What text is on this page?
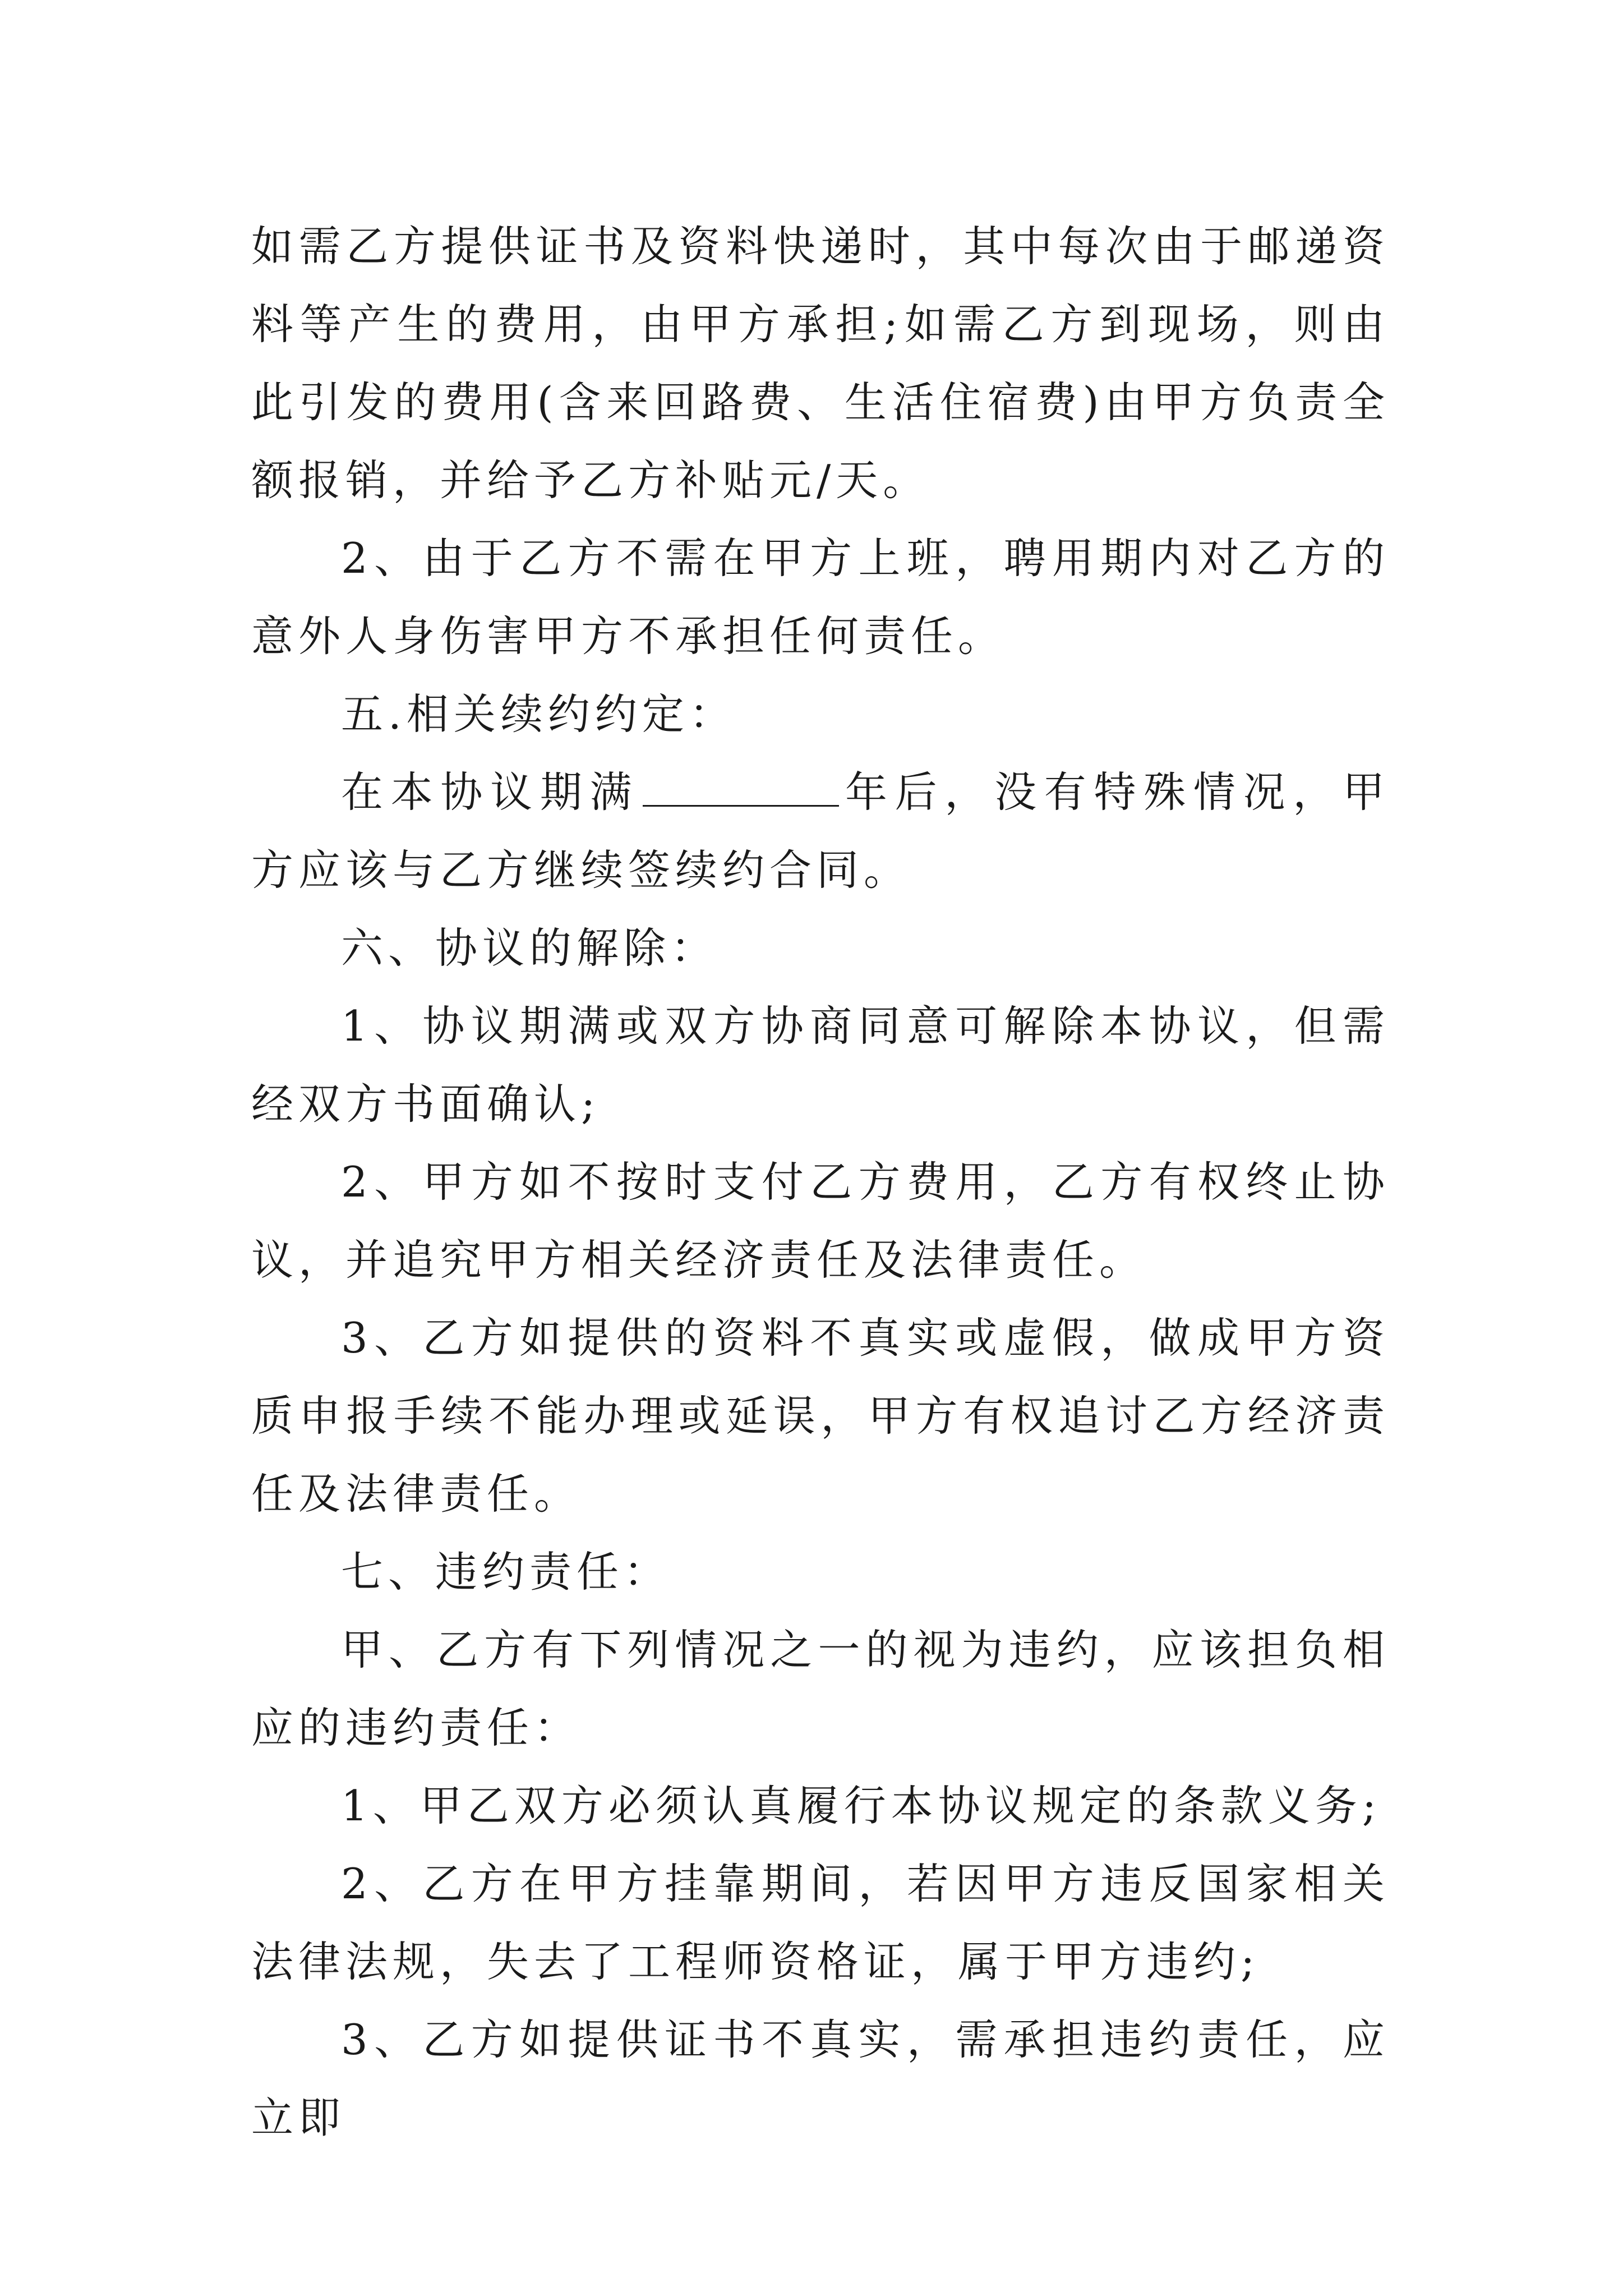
如需乙方提供证书及资料快递时，其中每次由于邮递资料等产生的费用，由甲方承担;如需乙方到现场，则由此引发的费用(含来回路费、生活住宿费)由甲方负责全额报销，并给予乙方补贴元/天。

2、由于乙方不需在甲方上班，聘用期内对乙方的意外人身伤害甲方不承担任何责任。

五.相关续约约定：

在本协议期满	年后，没有特殊情况，甲方应该与乙方继续签续约合同。

六、协议的解除：

1、协议期满或双方协商同意可解除本协议，但需经双方书面确认;

2、甲方如不按时支付乙方费用，乙方有权终止协议，并追究甲方相关经济责任及法律责任。

3、乙方如提供的资料不真实或虚假，做成甲方资质申报手续不能办理或延误，甲方有权追讨乙方经济责任及法律责任。

七、违约责任：

甲、乙方有下列情况之一的视为违约，应该担负相应的违约责任：

1、甲乙双方必须认真履行本协议规定的条款义务;

2、乙方在甲方挂靠期间，若因甲方违反国家相关法律法规，失去了工程师资格证，属于甲方违约;

3、乙方如提供证书不真实，需承担违约责任，应立即
